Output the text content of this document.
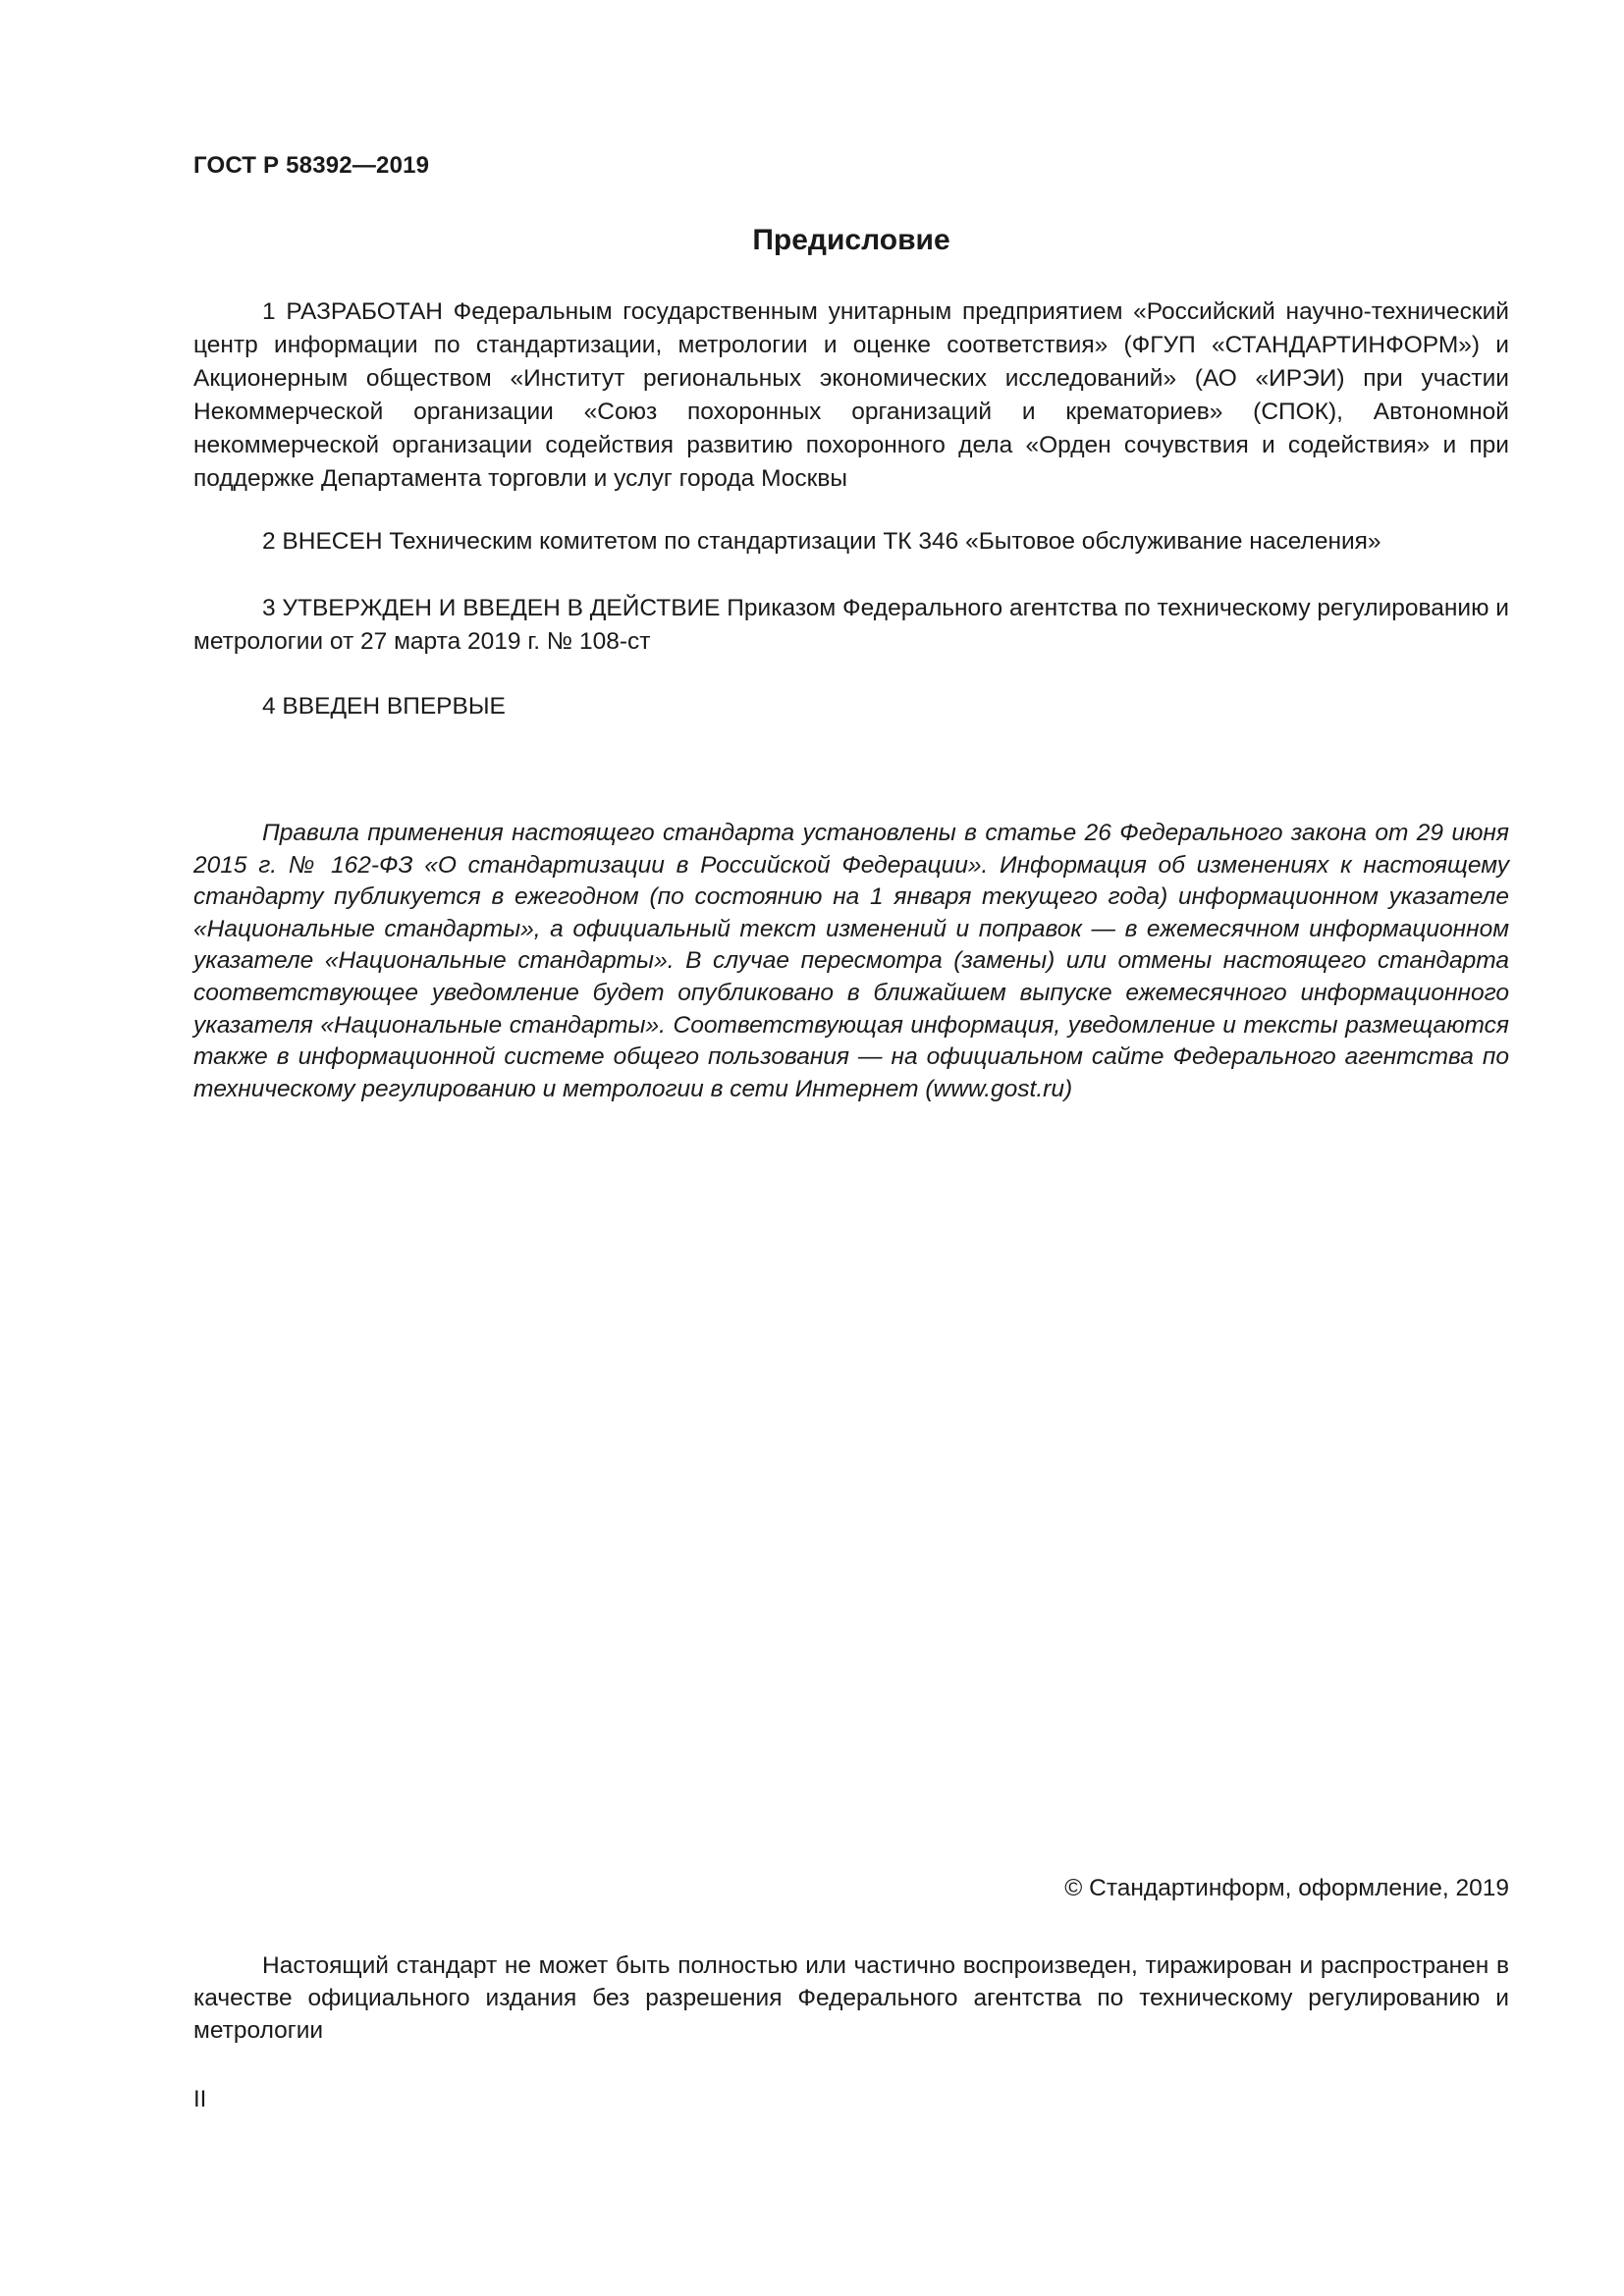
ГОСТ Р 58392—2019
Предисловие

1 РАЗРАБОТАН Федеральным государственным унитарным предприятием «Российский научно-технический центр информации по стандартизации, метрологии и оценке соответствия» (ФГУП «СТАНДАРТИНФОРМ») и Акционерным обществом «Институт региональных экономических исследований» (АО «ИРЭИ) при участии Некоммерческой организации «Союз похоронных организаций и крематориев» (СПОК), Автономной некоммерческой организации содействия развитию похоронного дела «Орден сочувствия и содействия» и при поддержке Департамента торговли и услуг города Москвы

2 ВНЕСЕН Техническим комитетом по стандартизации ТК 346 «Бытовое обслуживание населения»

3 УТВЕРЖДЕН И ВВЕДЕН В ДЕЙСТВИЕ Приказом Федерального агентства по техническому регулированию и метрологии от 27 марта 2019 г. № 108-ст

4 ВВЕДЕН ВПЕРВЫЕ

Правила применения настоящего стандарта установлены в статье 26 Федерального закона от 29 июня 2015 г. № 162-ФЗ «О стандартизации в Российской Федерации». Информация об изменениях к настоящему стандарту публикуется в ежегодном (по состоянию на 1 января текущего года) информационном указателе «Национальные стандарты», а официальный текст изменений и поправок — в ежемесячном информационном указателе «Национальные стандарты». В случае пересмотра (замены) или отмены настоящего стандарта соответствующее уведомление будет опубликовано в ближайшем выпуске ежемесячного информационного указателя «Национальные стандарты». Соответствующая информация, уведомление и тексты размещаются также в информационной системе общего пользования — на официальном сайте Федерального агентства по техническому регулированию и метрологии в сети Интернет (www.gost.ru)

© Стандартинформ, оформление, 2019

Настоящий стандарт не может быть полностью или частично воспроизведен, тиражирован и распространен в качестве официального издания без разрешения Федерального агентства по техническому регулированию и метрологии

II
